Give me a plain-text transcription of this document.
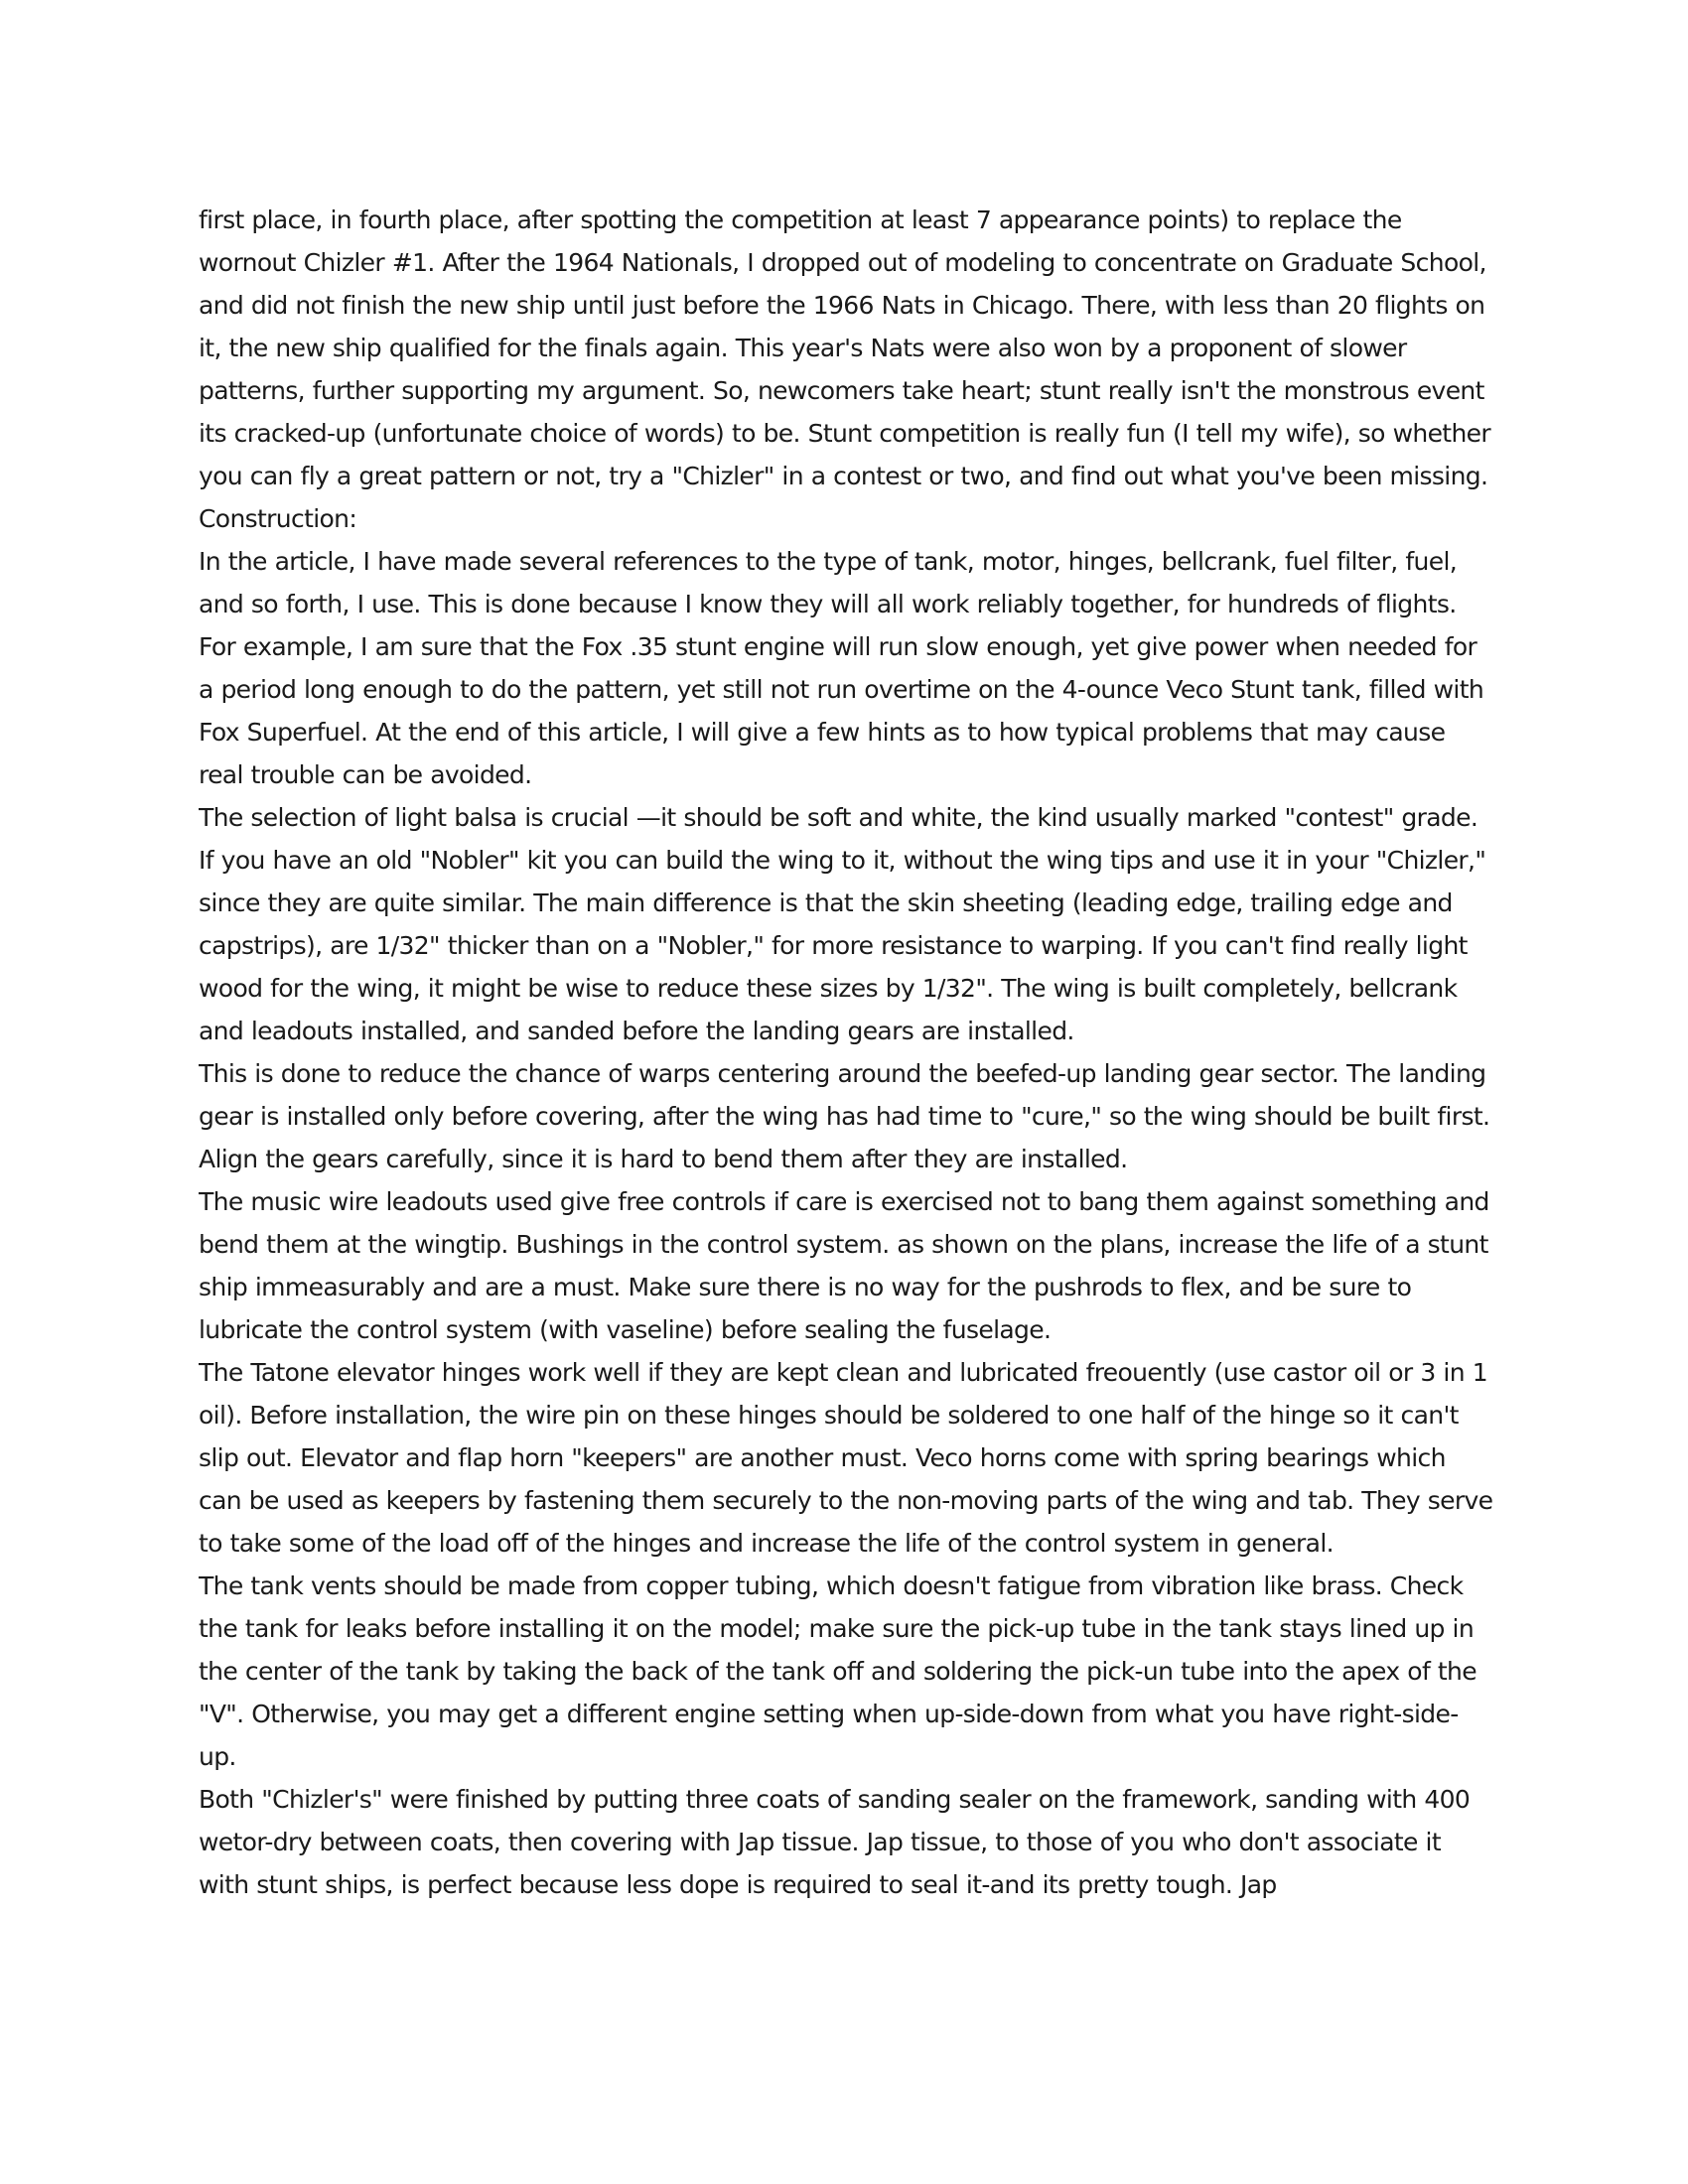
first place, in fourth place, after spotting the competition at least 7 appearance points) to replace the wornout Chizler #1. After the 1964 Nationals, I dropped out of modeling to concentrate on Graduate School, and did not finish the new ship until just before the 1966 Nats in Chicago. There, with less than 20 flights on it, the new ship qualified for the finals again. This year's Nats were also won by a proponent of slower patterns, further supporting my argument. So, newcomers take heart; stunt really isn't the monstrous event its cracked-up (unfortunate choice of words) to be. Stunt competition is really fun (I tell my wife), so whether you can fly a great pattern or not, try a "Chizler" in a contest or two, and find out what you've been missing.

Construction:

In the article, I have made several references to the type of tank, motor, hinges, bellcrank, fuel filter, fuel, and so forth, I use. This is done because I know they will all work reliably together, for hundreds of flights. For example, I am sure that the Fox .35 stunt engine will run slow enough, yet give power when needed for a period long enough to do the pattern, yet still not run overtime on the 4-ounce Veco Stunt tank, filled with Fox Superfuel. At the end of this article, I will give a few hints as to how typical problems that may cause real trouble can be avoided.

The selection of light balsa is crucial —it should be soft and white, the kind usually marked "contest" grade. If you have an old "Nobler" kit you can build the wing to it, without the wing tips and use it in your "Chizler," since they are quite similar. The main difference is that the skin sheeting (leading edge, trailing edge and capstrips), are 1/32" thicker than on a "Nobler," for more resistance to warping. If you can't find really light wood for the wing, it might be wise to reduce these sizes by 1/32". The wing is built completely, bellcrank and leadouts installed, and sanded before the landing gears are installed.

This is done to reduce the chance of warps centering around the beefed-up landing gear sector. The landing gear is installed only before covering, after the wing has had time to "cure," so the wing should be built first. Align the gears carefully, since it is hard to bend them after they are installed.

The music wire leadouts used give free controls if care is exercised not to bang them against something and bend them at the wingtip. Bushings in the control system. as shown on the plans, increase the life of a stunt ship immeasurably and are a must. Make sure there is no way for the pushrods to flex, and be sure to lubricate the control system (with vaseline) before sealing the fuselage.

The Tatone elevator hinges work well if they are kept clean and lubricated freouently (use castor oil or 3 in 1 oil). Before installation, the wire pin on these hinges should be soldered to one half of the hinge so it can't slip out. Elevator and flap horn "keepers" are another must. Veco horns come with spring bearings which can be used as keepers by fastening them securely to the non-moving parts of the wing and tab. They serve to take some of the load off of the hinges and increase the life of the control system in general.

The tank vents should be made from copper tubing, which doesn't fatigue from vibration like brass. Check the tank for leaks before installing it on the model; make sure the pick-up tube in the tank stays lined up in the center of the tank by taking the back of the tank off and soldering the pick-un tube into the apex of the "V". Otherwise, you may get a different engine setting when up-side-down from what you have right-side-up.

Both "Chizler's" were finished by putting three coats of sanding sealer on the framework, sanding with 400 wetor-dry between coats, then covering with Jap tissue. Jap tissue, to those of you who don't associate it with stunt ships, is perfect because less dope is required to seal it-and its pretty tough. Jap
